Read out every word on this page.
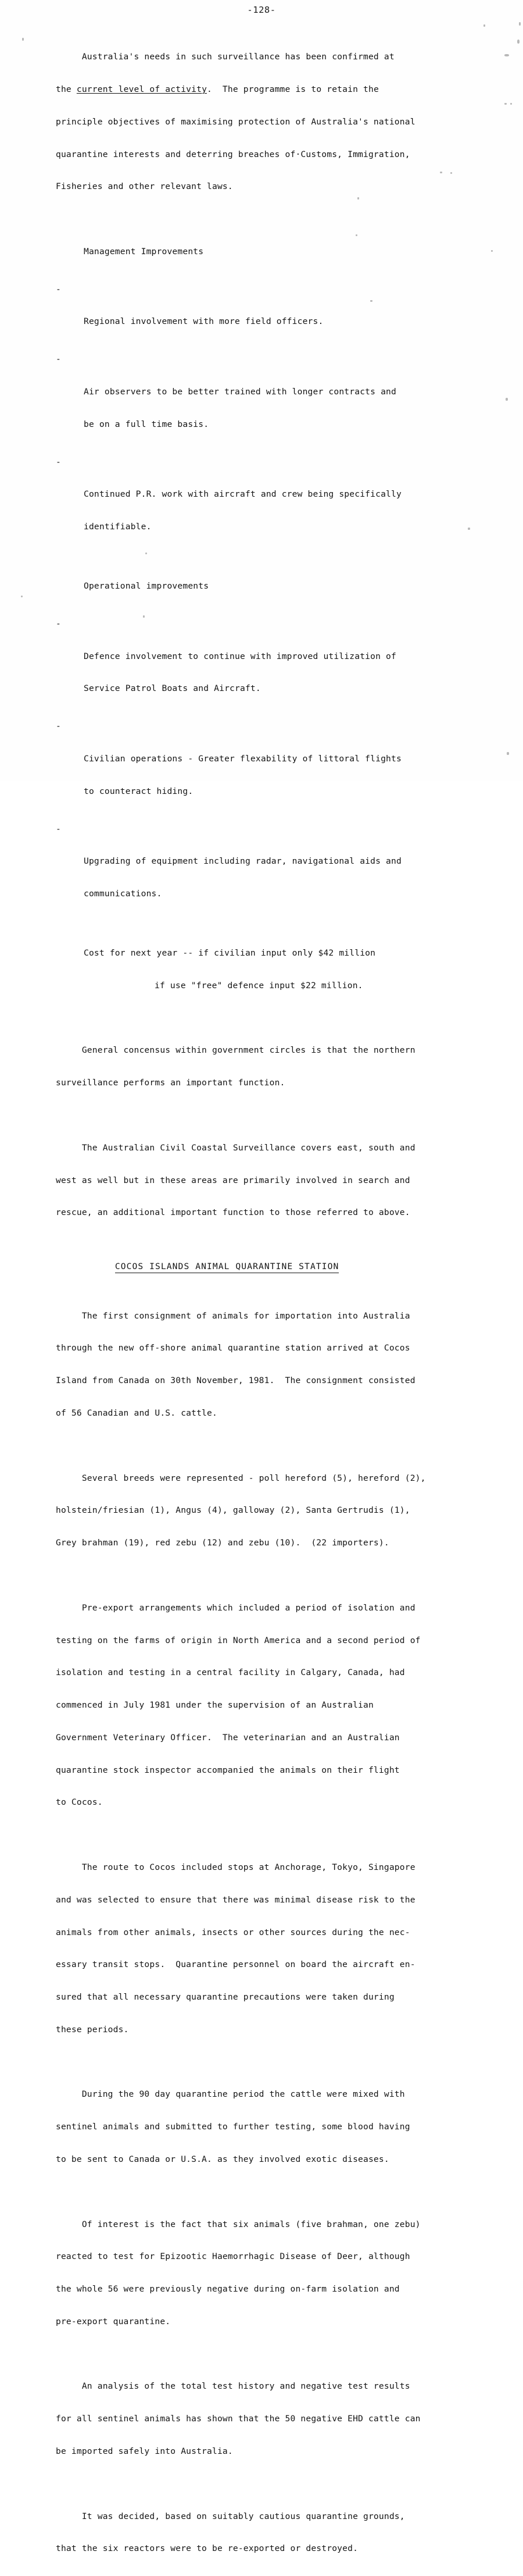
-128-

Australia's needs in such surveillance has been confirmed at

the current level of activity.  The programme is to retain the

principle objectives of maximising protection of Australia's national

quarantine interests and deterring breaches of·Customs, Immigration,

Fisheries and other relevant laws.

Management Improvements

-

Regional involvement with more field officers.

-

Air observers to be better trained with longer contracts and

be on a full time basis.

-

Continued P.R. work with aircraft and crew being specifically

identifiable.

Operational improvements

-

Defence involvement to continue with improved utilization of

Service Patrol Boats and Aircraft.

-

Civilian operations - Greater flexability of littoral flights

to counteract hiding.

-

Upgrading of equipment including radar, navigational aids and

communications.

Cost for next year -- if civilian input only $42 million

if use "free" defence input $22 million.

General concensus within government circles is that the northern

surveillance performs an important function.

The Australian Civil Coastal Surveillance covers east, south and

west as well but in these areas are primarily involved in search and

rescue, an additional important function to those referred to above.

COCOS ISLANDS ANIMAL QUARANTINE STATION

The first consignment of animals for importation into Australia

through the new off-shore animal quarantine station arrived at Cocos

Island from Canada on 30th November, 1981.  The consignment consisted

of 56 Canadian and U.S. cattle.

Several breeds were represented - poll hereford (5), hereford (2),

holstein/friesian (1), Angus (4), galloway (2), Santa Gertrudis (1),

Grey brahman (19), red zebu (12) and zebu (10).  (22 importers).

Pre-export arrangements which included a period of isolation and

testing on the farms of origin in North America and a second period of

isolation and testing in a central facility in Calgary, Canada, had

commenced in July 1981 under the supervision of an Australian

Government Veterinary Officer.  The veterinarian and an Australian

quarantine stock inspector accompanied the animals on their flight

to Cocos.

The route to Cocos included stops at Anchorage, Tokyo, Singapore

and was selected to ensure that there was minimal disease risk to the

animals from other animals, insects or other sources during the nec-

essary transit stops.  Quarantine personnel on board the aircraft en-

sured that all necessary quarantine precautions were taken during

these periods.

During the 90 day quarantine period the cattle were mixed with

sentinel animals and submitted to further testing, some blood having

to be sent to Canada or U.S.A. as they involved exotic diseases.

Of interest is the fact that six animals (five brahman, one zebu)

reacted to test for Epizootic Haemorrhagic Disease of Deer, although

the whole 56 were previously negative during on-farm isolation and

pre-export quarantine.

An analysis of the total test history and negative test results

for all sentinel animals has shown that the 50 negative EHD cattle can

be imported safely into Australia.

It was decided, based on suitably cautious quarantine grounds,

that the six reactors were to be re-exported or destroyed.
